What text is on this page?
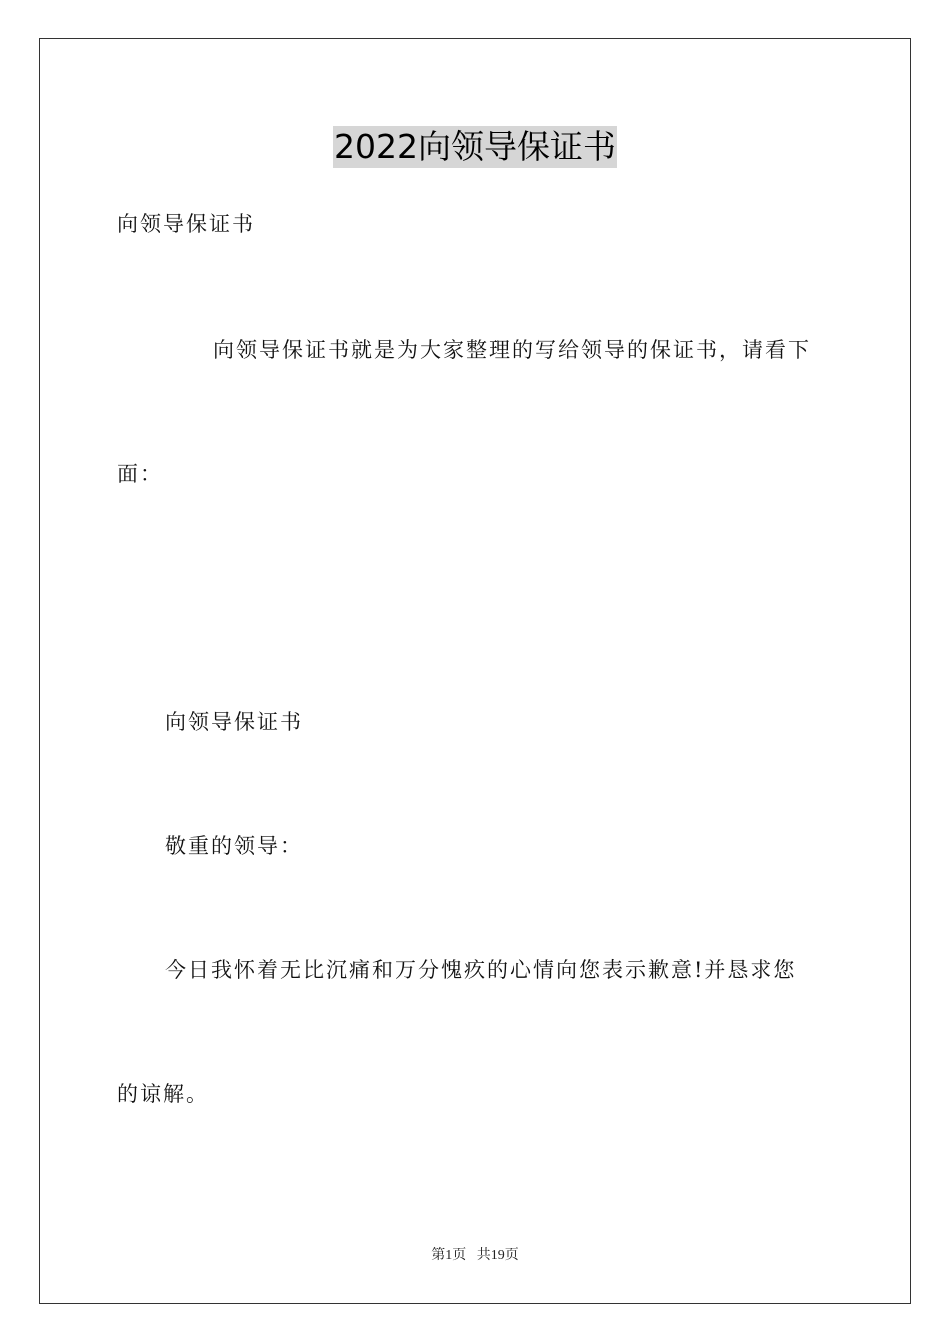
2022向领导保证书
向领导保证书
向领导保证书就是为大家整理的写给领导的保证书，请看下
面：
向领导保证书
敬重的领导：
今日我怀着无比沉痛和万分愧疚的心情向您表示歉意!并恳求您
的谅解。
第1页 共19页
